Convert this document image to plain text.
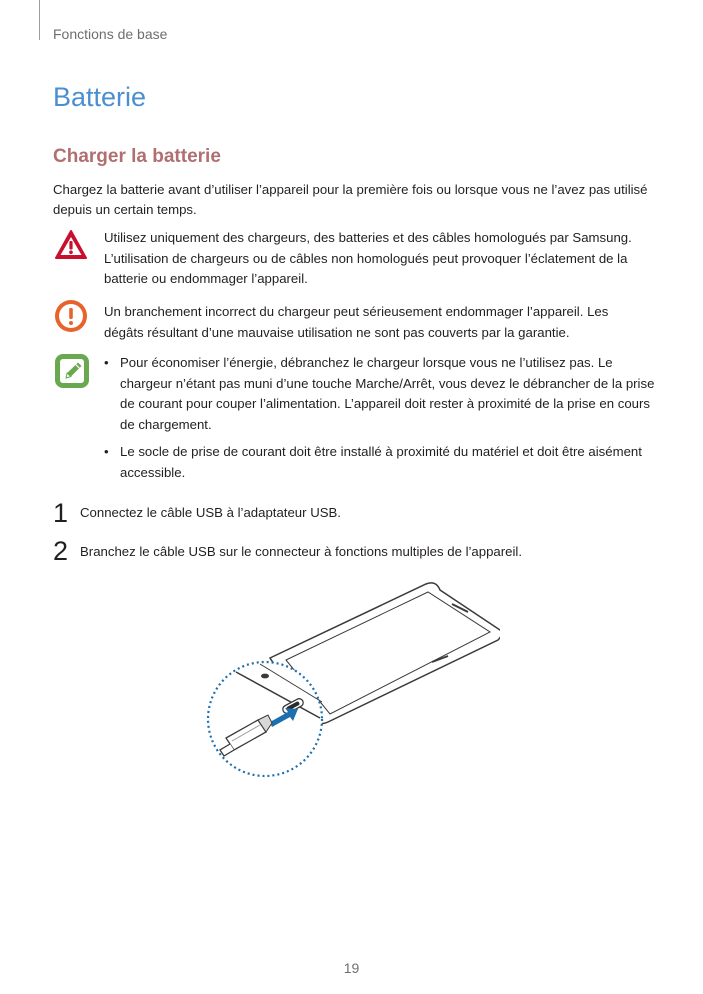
Fonctions de base
Batterie
Charger la batterie
Chargez la batterie avant d’utiliser l’appareil pour la première fois ou lorsque vous ne l’avez pas utilisé depuis un certain temps.
Utilisez uniquement des chargeurs, des batteries et des câbles homologués par Samsung. L’utilisation de chargeurs ou de câbles non homologués peut provoquer l’éclatement de la batterie ou endommager l’appareil.
Un branchement incorrect du chargeur peut sérieusement endommager l’appareil. Les dégâts résultant d’une mauvaise utilisation ne sont pas couverts par la garantie.
• Pour économiser l’énergie, débranchez le chargeur lorsque vous ne l’utilisez pas. Le chargeur n’étant pas muni d’une touche Marche/Arrêt, vous devez le débrancher de la prise de courant pour couper l’alimentation. L’appareil doit rester à proximité de la prise en cours de chargement.
• Le socle de prise de courant doit être installé à proximité du matériel et doit être aisément accessible.
1 Connectez le câble USB à l’adaptateur USB.
2 Branchez le câble USB sur le connecteur à fonctions multiples de l’appareil.
19
